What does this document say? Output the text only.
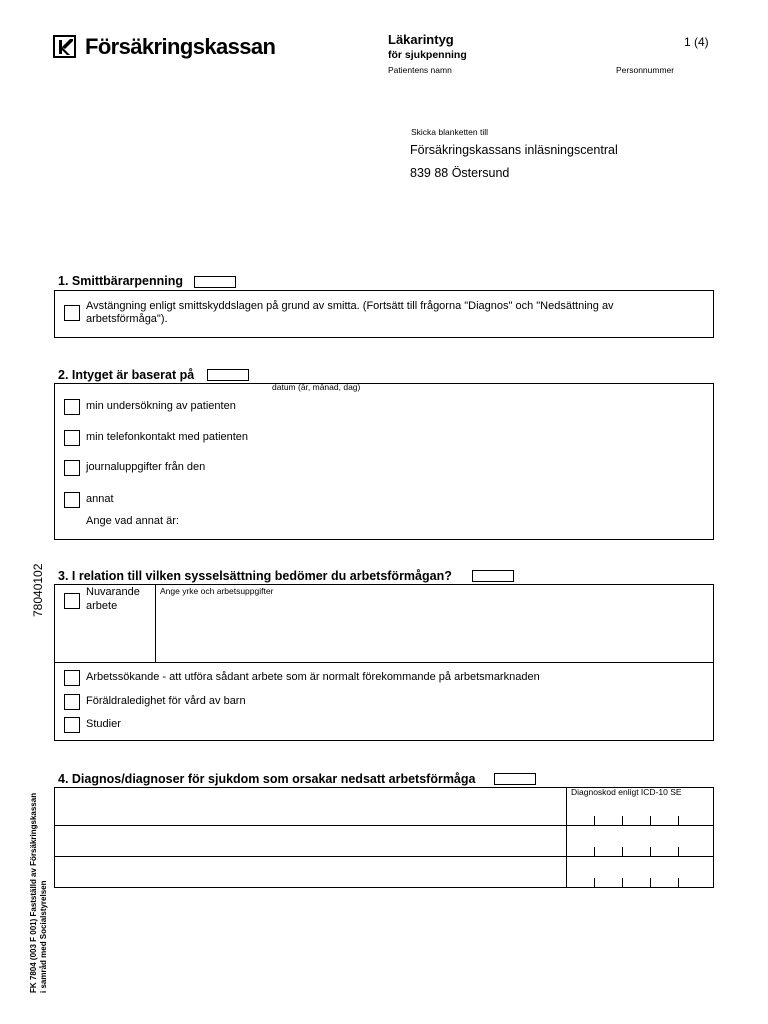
Försäkringskassan	Läkarintyg
för sjukpenning
1 (4)
Patientens namn	Personnummer
Skicka blanketten till
Försäkringskassans inläsningscentral
839 88 Östersund
78040102
FK 7804 (003 F 001) Fastställd av Försäkringskassan i samråd med Socialstyrelsen
1. Smittbärarpenning
Avstängning enligt smittskyddslagen på grund av smitta. (Fortsätt till frågorna "Diagnos" och "Nedsättning av
arbetsförmåga").
2. Intyget är baserat på
datum (år, månad, dag)
min undersökning av patienten
min telefonkontakt med patienten
journaluppgifter från den
annat
Ange vad annat är:
3. I relation till vilken sysselsättning bedömer du arbetsförmågan?
Nuvarande
arbete
Ange yrke och arbetsuppgifter
Arbetssökande - att utföra sådant arbete som är normalt förekommande på arbetsmarknaden
Föräldraledighet för vård av barn
Studier
4. Diagnos/diagnoser för sjukdom som orsakar nedsatt arbetsförmåga
Diagnoskod enligt ICD-10 SE
